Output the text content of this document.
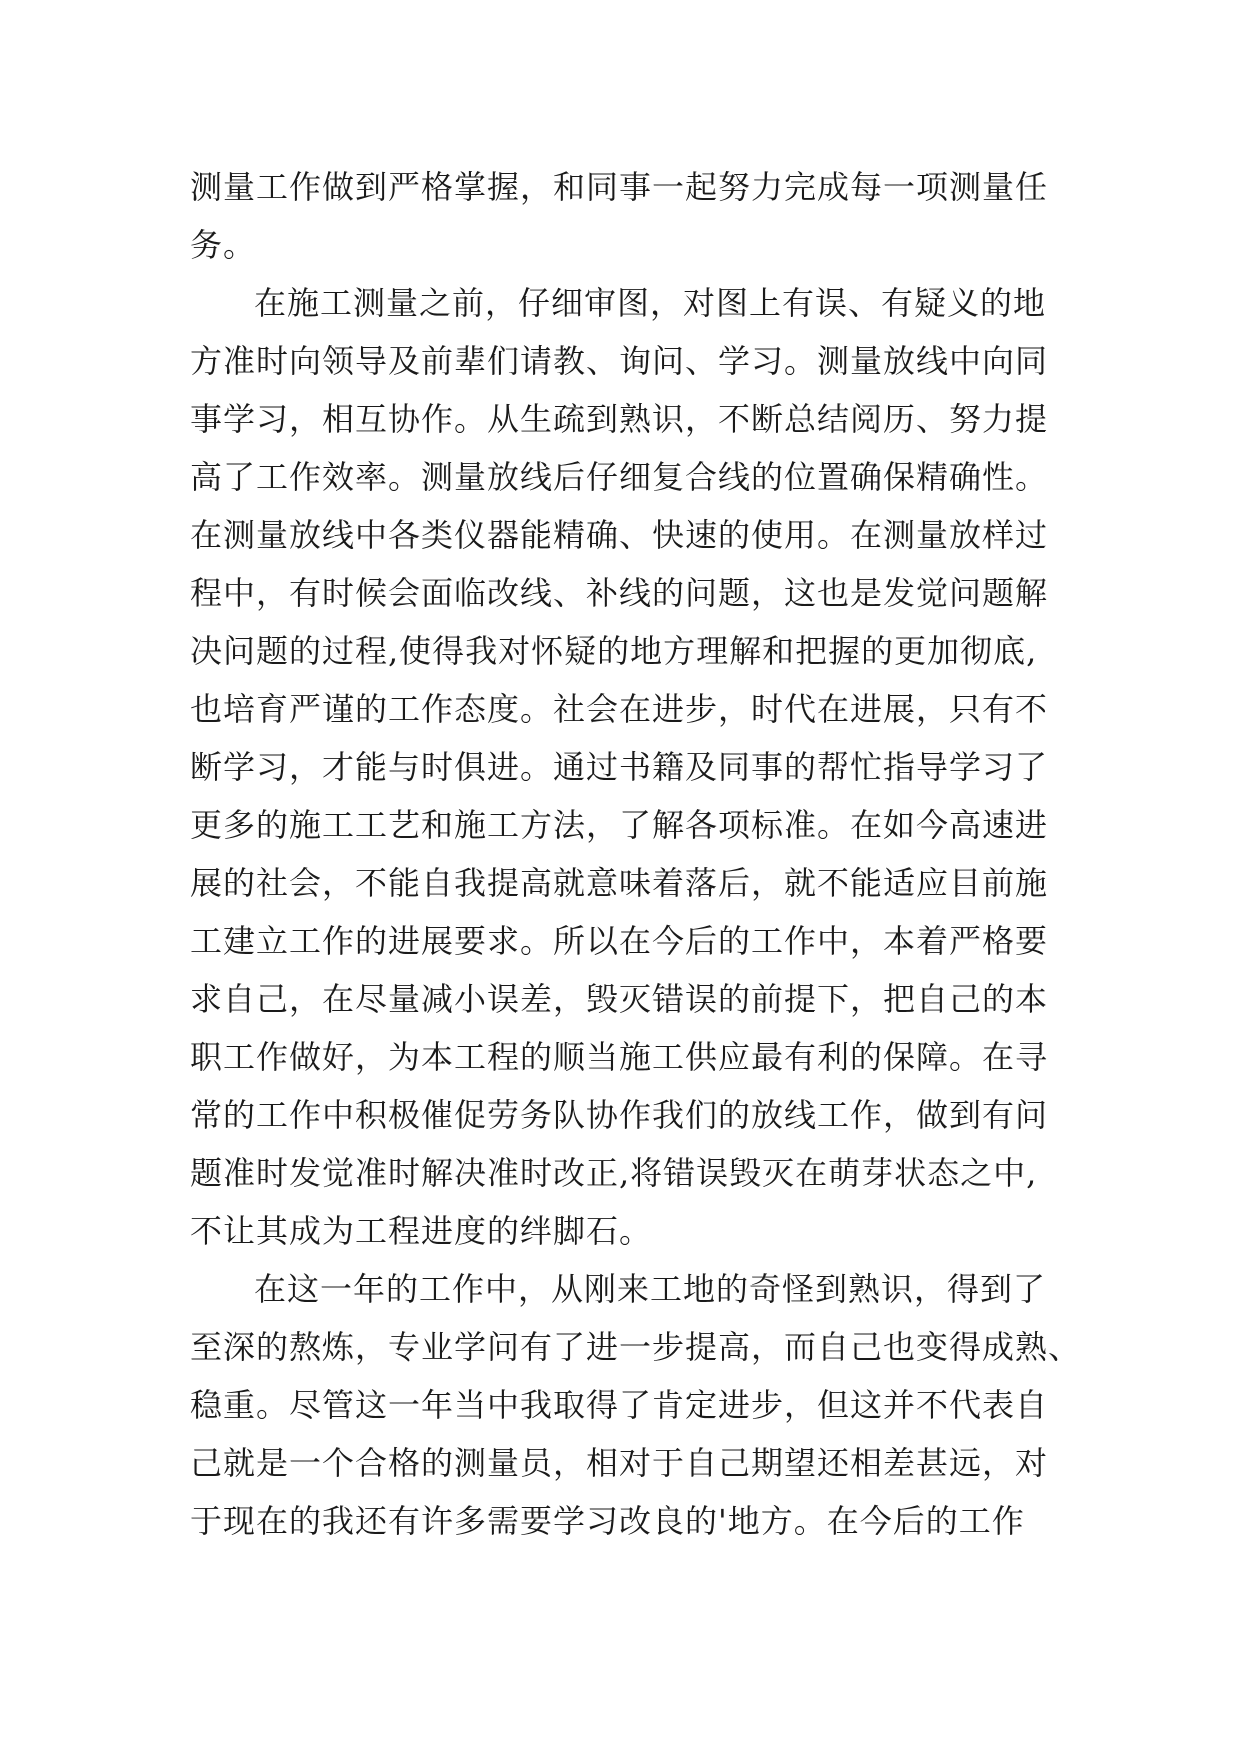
测量工作做到严格掌握，和同事一起努力完成每一项测量任
务。
在施工测量之前，仔细审图，对图上有误、有疑义的地
方准时向领导及前辈们请教、询问、学习。测量放线中向同
事学习，相互协作。从生疏到熟识，不断总结阅历、努力提
高了工作效率。测量放线后仔细复合线的位置确保精确性。
在测量放线中各类仪器能精确、快速的使用。在测量放样过
程中，有时候会面临改线、补线的问题，这也是发觉问题解
决问题的过程,使得我对怀疑的地方理解和把握的更加彻底,
也培育严谨的工作态度。社会在进步，时代在进展，只有不
断学习，才能与时俱进。通过书籍及同事的帮忙指导学习了
更多的施工工艺和施工方法，了解各项标准。在如今高速进
展的社会，不能自我提高就意味着落后，就不能适应目前施
工建立工作的进展要求。所以在今后的工作中，本着严格要
求自己，在尽量减小误差，毁灭错误的前提下，把自己的本
职工作做好，为本工程的顺当施工供应最有利的保障。在寻
常的工作中积极催促劳务队协作我们的放线工作，做到有问
题准时发觉准时解决准时改正,将错误毁灭在萌芽状态之中,
不让其成为工程进度的绊脚石。
在这一年的工作中，从刚来工地的奇怪到熟识，得到了
至深的熬炼，专业学问有了进一步提高，而自己也变得成熟、
稳重。尽管这一年当中我取得了肯定进步，但这并不代表自
己就是一个合格的测量员，相对于自己期望还相差甚远，对
于现在的我还有许多需要学习改良的'地方。在今后的工作
